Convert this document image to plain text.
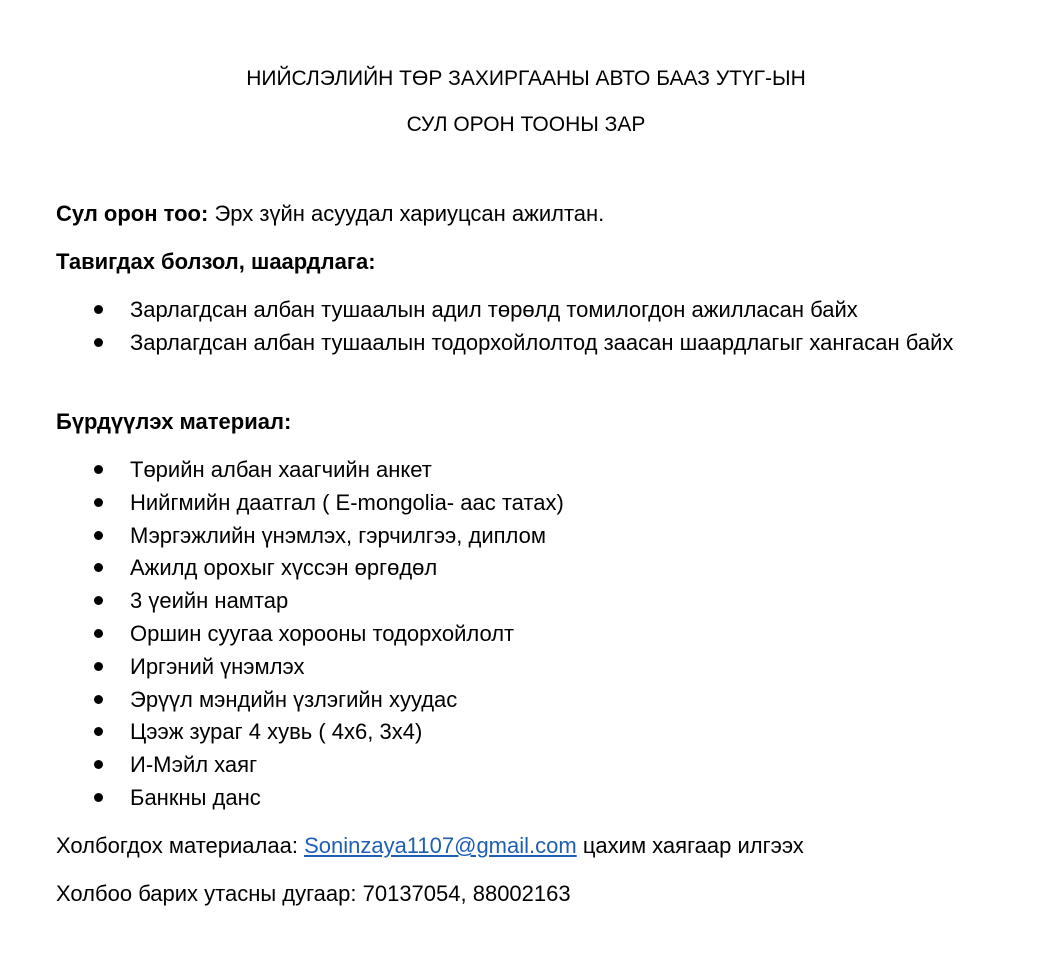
НИЙСЛЭЛИЙН ТӨР ЗАХИРГААНЫ АВТО БААЗ УТҮГ-ЫН
СУЛ ОРОН ТООНЫ ЗАР
Сул орон тоо: Эрх зүйн асуудал хариуцсан ажилтан.
Тавигдах болзол, шаардлага:
Зарлагдсан албан тушаалын адил төрөлд томилогдон ажилласан байх
Зарлагдсан албан тушаалын тодорхойлолтод заасан шаардлагыг хангасан байх
Бүрдүүлэх материал:
Төрийн албан хаагчийн анкет
Нийгмийн даатгал ( E-mongolia- аас татах)
Мэргэжлийн үнэмлэх, гэрчилгээ, диплом
Ажилд орохыг хүссэн өргөдөл
3 үеийн намтар
Оршин суугаа хорооны тодорхойлолт
Иргэний үнэмлэх
Эрүүл мэндийн үзлэгийн хуудас
Цээж зураг 4 хувь ( 4x6, 3x4)
И-Мэйл хаяг
Банкны данс
Холбогдох материалаа: Soninzaya1107@gmail.com цахим хаягаар илгээх
Холбоо барих утасны дугаар: 70137054, 88002163
